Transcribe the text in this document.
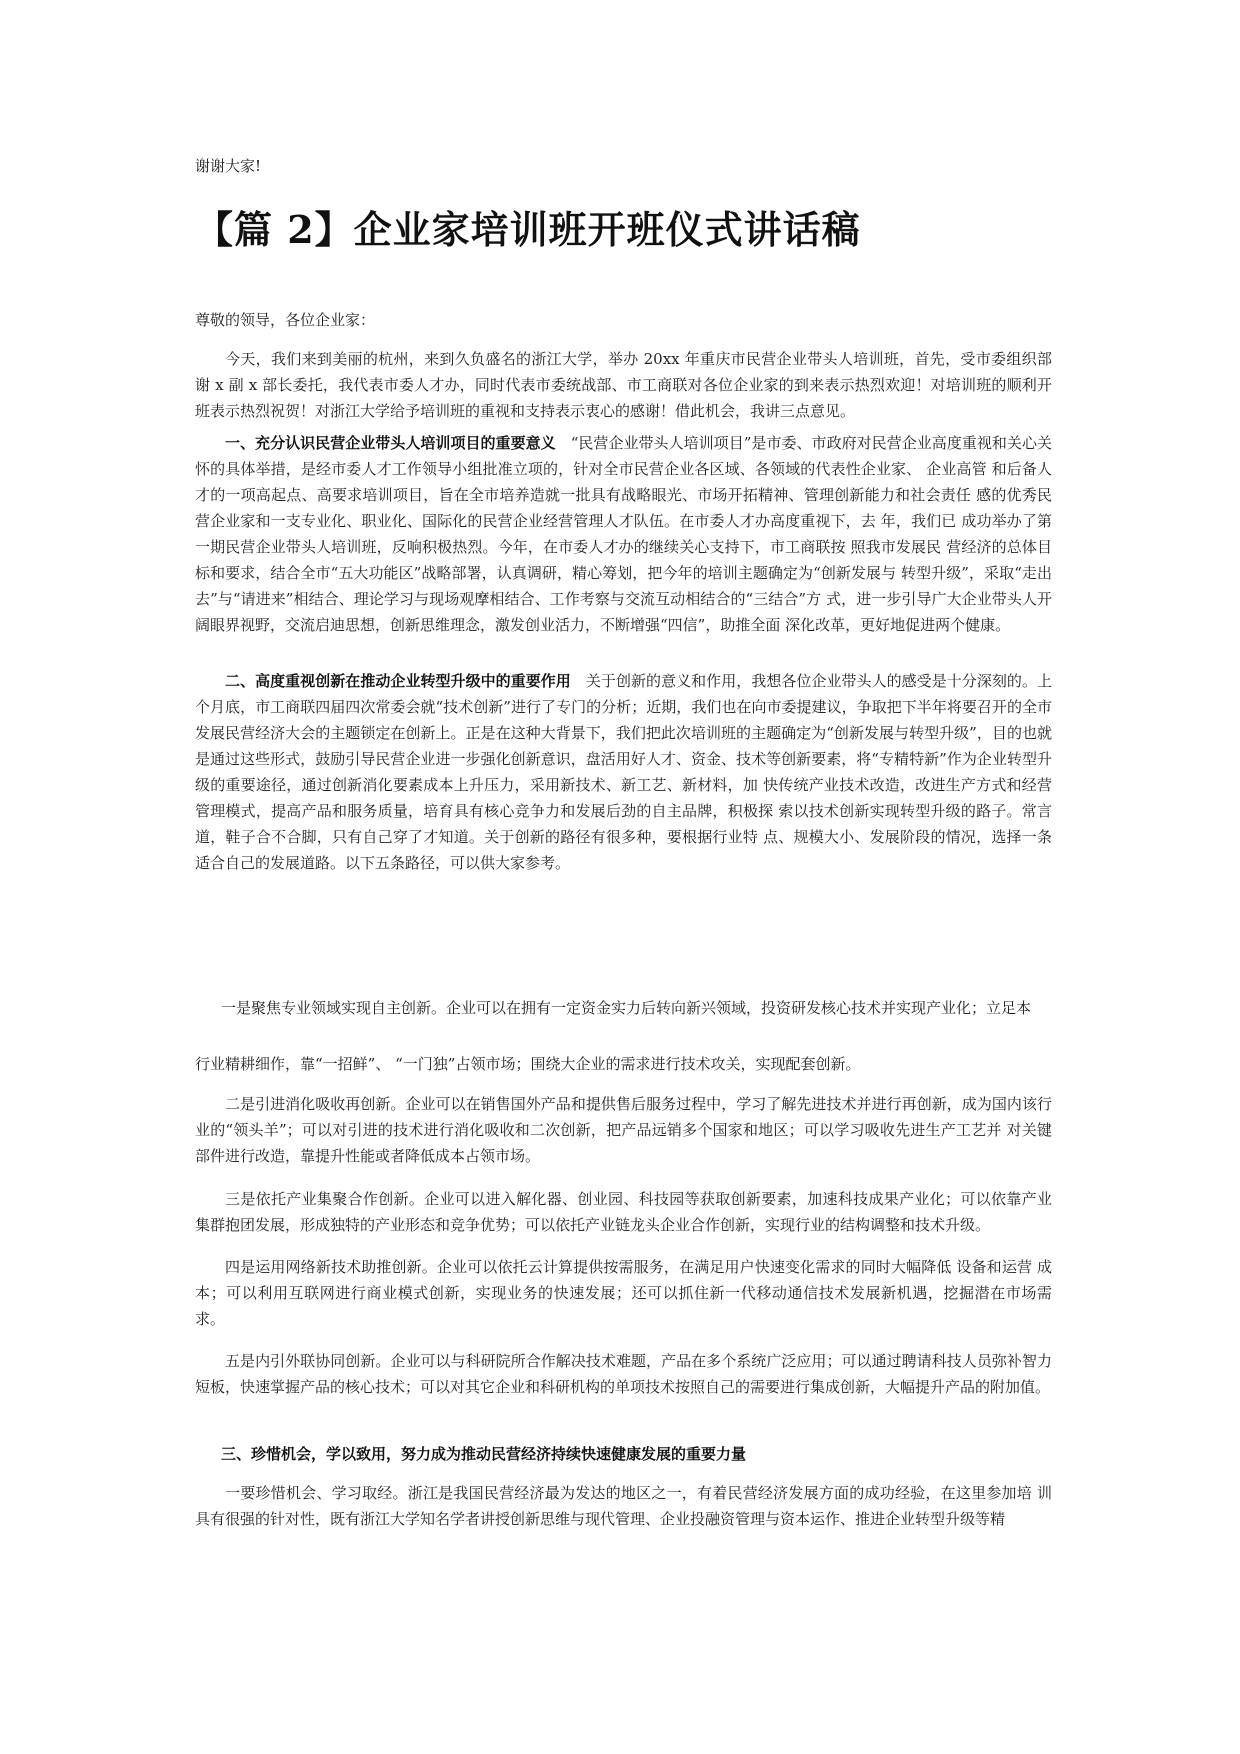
谢谢大家!
【篇 2】企业家培训班开班仪式讲话稿
尊敬的领导，各位企业家：
今天，我们来到美丽的杭州，来到久负盛名的浙江大学，举办 20xx 年重庆市民营企业带头人培训班，首先，受市委组织部 谢 x 副 x 部长委托，我代表市委人才办，同时代表市委统战部、市工商联对各位企业家的到来表示热烈欢迎！对培训班的顺利开 班表示热烈祝贺！对浙江大学给予培训班的重视和支持表示衷心的感谢！借此机会，我讲三点意见。
一、充分认识民营企业带头人培训项目的重要意义　“民营企业带头人培训项目”是市委、市政府对民营企业高度重视和关心关怀的具体举措，是经市委人才工作领导小组批准立项的，针对全市民营企业各区域、各领域的代表性企业家、 企业高管 和后备人才的一项高起点、高要求培训项目，旨在全市培养造就一批具有战略眼光、市场开拓精神、管理创新能力和社会责任 感的优秀民营企业家和一支专业化、职业化、国际化的民营企业经营管理人才队伍。在市委人才办高度重视下，去 年，我们已 成功举办了第一期民营企业带头人培训班，反响积极热烈。今年，在市委人才办的继续关心支持下，市工商联按 照我市发展民 营经济的总体目标和要求，结合全市“五大功能区”战略部署，认真调研，精心筹划，把今年的培训主题确定为“创新发展与 转型升级”，采取“走出去”与“请进来”相结合、理论学习与现场观摩相结合、工作考察与交流互动相结合的“三结合”方 式，进一步引导广大企业带头人开阔眼界视野，交流启迪思想，创新思维理念，激发创业活力，不断增强“四信”，助推全面 深化改革，更好地促进两个健康。
二、高度重视创新在推动企业转型升级中的重要作用　关于创新的意义和作用，我想各位企业带头人的感受是十分深刻的。上个月底，市工商联四届四次常委会就“技术创新”进行了专门的分析；近期，我们也在向市委提建议，争取把下半年将要召开的全市发展民营经济大会的主题锁定在创新上。正是在这种大背景下，我们把此次培训班的主题确定为“创新发展与转型升级”，目的也就是通过这些形式，鼓励引导民营企业进一步强化创新意识，盘活用好人才、资金、技术等创新要素，将“专精特新”作为企业转型升级的重要途径，通过创新消化要素成本上升压力，采用新技术、新工艺、新材料，加 快传统产业技术改造，改进生产方式和经营管理模式，提高产品和服务质量，培育具有核心竞争力和发展后劲的自主品牌，积极探 索以技术创新实现转型升级的路子。常言道，鞋子合不合脚，只有自己穿了才知道。关于创新的路径有很多种，要根据行业特 点、规模大小、发展阶段的情况，选择一条适合自己的发展道路。以下五条路径，可以供大家参考。
一是聚焦专业领域实现自主创新。企业可以在拥有一定资金实力后转向新兴领域，投资研发核心技术并实现产业化；立足本
行业精耕细作，靠“一招鲜”、 “一门独”占领市场；围绕大企业的需求进行技术攻关，实现配套创新。
二是引进消化吸收再创新。企业可以在销售国外产品和提供售后服务过程中，学习了解先进技术并进行再创新，成为国内该行业的“领头羊”；可以对引进的技术进行消化吸收和二次创新，把产品远销多个国家和地区；可以学习吸收先进生产工艺并 对关键部件进行改造，靠提升性能或者降低成本占领市场。
三是依托产业集聚合作创新。企业可以进入解化器、创业园、科技园等获取创新要素，加速科技成果产业化；可以依靠产业 集群抱团发展，形成独特的产业形态和竞争优势；可以依托产业链龙头企业合作创新，实现行业的结构调整和技术升级。
四是运用网络新技术助推创新。企业可以依托云计算提供按需服务，在满足用户快速变化需求的同时大幅降低 设备和运营 成本；可以利用互联网进行商业模式创新，实现业务的快速发展；还可以抓住新一代移动通信技术发展新机遇，挖掘潜在市场需 求。
五是内引外联协同创新。企业可以与科研院所合作解决技术难题，产品在多个系统广泛应用；可以通过聘请科技人员弥补智力短板，快速掌握产品的核心技术；可以对其它企业和科研机构的单项技术按照自己的需要进行集成创新，大幅提升产品的附加值。
三、珍惜机会，学以致用，努力成为推动民营经济持续快速健康发展的重要力量
一要珍惜机会、学习取经。浙江是我国民营经济最为发达的地区之一，有着民营经济发展方面的成功经验，在这里参加培 训具有很强的针对性，既有浙江大学知名学者讲授创新思维与现代管理、企业投融资管理与资本运作、推进企业转型升级等精
